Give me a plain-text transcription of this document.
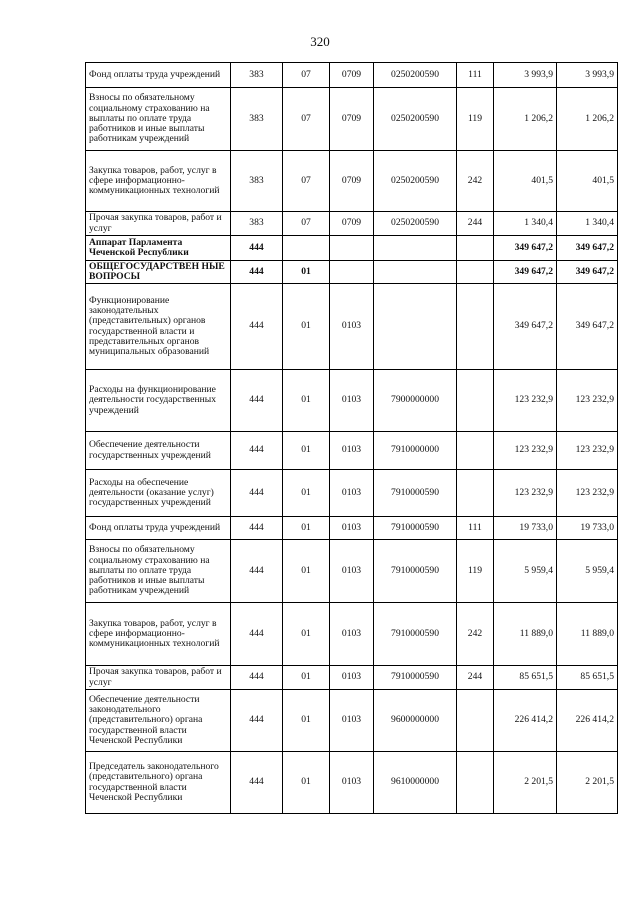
320
Фонд оплаты труда учреждений	383	07	0709	0250200590	111	3 993,9	3 993,9
Взносы по обязательному социальному страхованию на выплаты по оплате труда работников и иные выплаты работникам учреждений	383	07	0709	0250200590	119	1 206,2	1 206,2
Закупка товаров, работ, услуг в сфере информационно-коммуникационных технологий	383	07	0709	0250200590	242	401,5	401,5
Прочая закупка товаров, работ и услуг	383	07	0709	0250200590	244	1 340,4	1 340,4
Аппарат Парламента Чеченской Республики	444					349 647,2	349 647,2
ОБЩЕГОСУДАРСТВЕН НЫЕ ВОПРОСЫ	444	01				349 647,2	349 647,2
Функционирование законодательных (представительных) органов государственной власти и представительных органов муниципальных образований	444	01	0103			349 647,2	349 647,2
Расходы на функционирование деятельности государственных учреждений	444	01	0103	7900000000		123 232,9	123 232,9
Обеспечение деятельности государственных учреждений	444	01	0103	7910000000		123 232,9	123 232,9
Расходы на обеспечение деятельности (оказание услуг) государственных учреждений	444	01	0103	7910000590		123 232,9	123 232,9
Фонд оплаты труда учреждений	444	01	0103	7910000590	111	19 733,0	19 733,0
Взносы по обязательному социальному страхованию на выплаты по оплате труда работников и иные выплаты работникам учреждений	444	01	0103	7910000590	119	5 959,4	5 959,4
Закупка товаров, работ, услуг в сфере информационно-коммуникационных технологий	444	01	0103	7910000590	242	11 889,0	11 889,0
Прочая закупка товаров, работ и услуг	444	01	0103	7910000590	244	85 651,5	85 651,5
Обеспечение деятельности законодательного (представительного) органа государственной власти Чеченской Республики	444	01	0103	9600000000		226 414,2	226 414,2
Председатель законодательного (представительного) органа государственной власти Чеченской Республики	444	01	0103	9610000000		2 201,5	2 201,5
